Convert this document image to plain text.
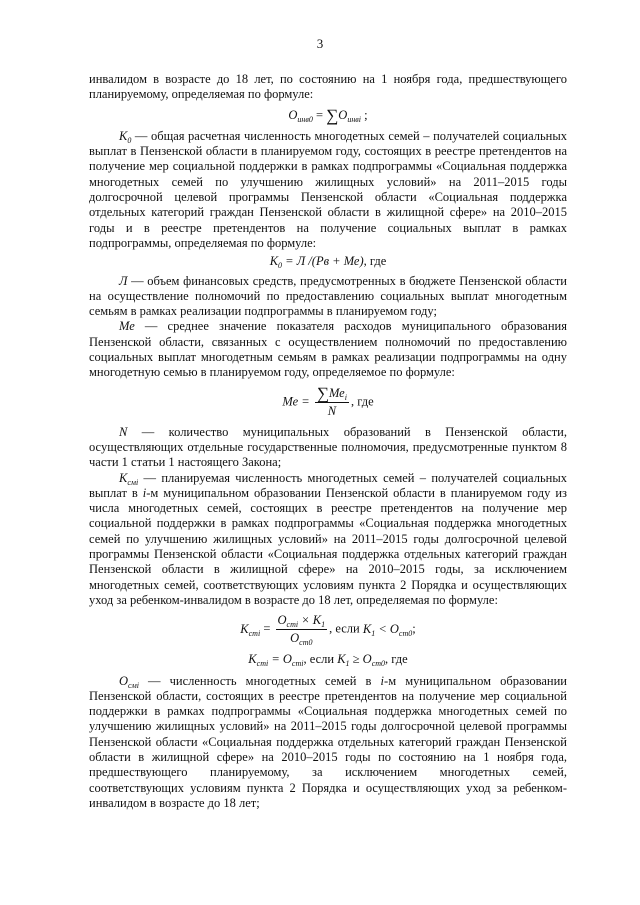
3

инвалидом в возрасте до 18 лет, по состоянию на 1 ноября года, предшествующего планируемому, определяемая по формуле:

$O_{инв0} = \sum O_{инвi}$ ;

$K_0$ — общая расчетная численность многодетных семей – получателей социальных выплат в Пензенской области в планируемом году, состоящих в реестре претендентов на получение мер социальной поддержки в рамках подпрограммы «Социальная поддержка многодетных семей по улучшению жилищных условий» на 2011–2015 годы долгосрочной целевой программы Пензенской области «Социальная поддержка отдельных категорий граждан Пензенской области в жилищной сфере» на 2010–2015 годы и в реестре претендентов на получение социальных выплат в рамках подпрограммы, определяемая по формуле:

$K_0 = Л$ /(Рв + Ме), где

Л — объем финансовых средств, предусмотренных в бюджете Пензенской области на осуществление полномочий по предоставлению социальных выплат многодетным семьям в рамках реализации подпрограммы в планируемом году;

Ме — среднее значение показателя расходов муниципального образования Пензенской области, связанных с осуществлением полномочий по предоставлению социальных выплат многодетным семьям в рамках реализации подпрограммы на одну многодетную семью в планируемом году, определяемое по формуле:

Ме = $\frac{\sum Ме_i}{N}$ , где

N — количество муниципальных образований в Пензенской области, осуществляющих отдельные государственные полномочия, предусмотренные пунктом 8 части 1 статьи 1 настоящего Закона;

$K_{смi}$ — планируемая численность многодетных семей – получателей социальных выплат в i-м муниципальном образовании Пензенской области в планируемом году из числа многодетных семей, состоящих в реестре претендентов на получение мер социальной поддержки в рамках подпрограммы «Социальная поддержка многодетных семей по улучшению жилищных условий» на 2011–2015 годы долгосрочной целевой программы Пензенской области «Социальная поддержка отдельных категорий граждан Пензенской области в жилищной сфере» на 2010–2015 годы, за исключением многодетных семей, соответствующих условиям пункта 2 Порядка и осуществляющих уход за ребенком-инвалидом в возрасте до 18 лет, определяемая по формуле:

$K_{cmi} = \frac{O_{cmi} \times K_1}{O_{cm0}}$ , если $K_1 < O_{cm0}$;
$K_{cmi} = O_{cmi}$, если $K_1 \ge O_{cm0}$, где

$O_{смi}$ — численность многодетных семей в i-м муниципальном образовании Пензенской области, состоящих в реестре претендентов на получение мер социальной поддержки в рамках подпрограммы «Социальная поддержка многодетных семей по улучшению жилищных условий» на 2011–2015 годы долгосрочной целевой программы Пензенской области «Социальная поддержка отдельных категорий граждан Пензенской области в жилищной сфере» на 2010–2015 годы по состоянию на 1 ноября года, предшествующего планируемому, за исключением многодетных семей, соответствующих условиям пункта 2 Порядка и осуществляющих уход за ребенком-инвалидом в возрасте до 18 лет;
